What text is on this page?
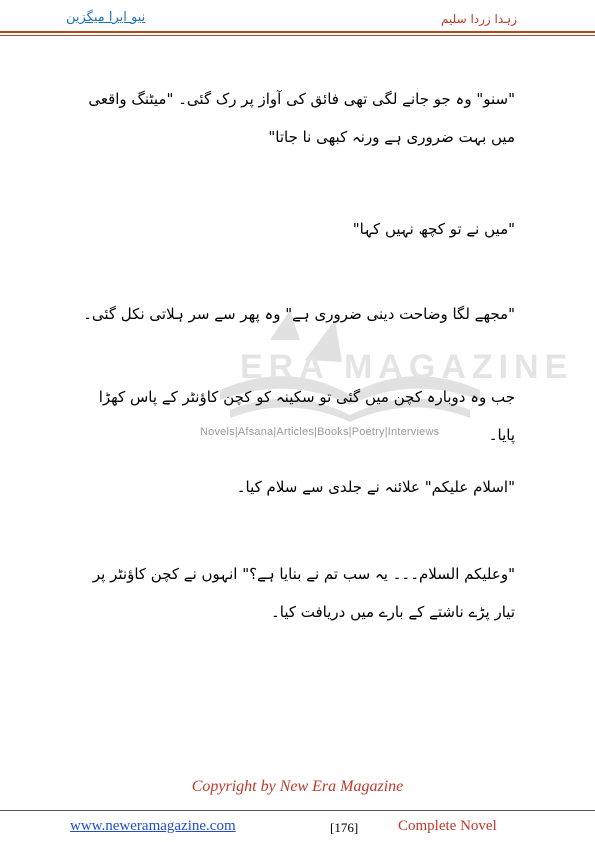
نیو ایرا میگزین	زہدا زردا سلیم
ERA MAGAZINE
Novels|Afsana|Articles|Books|Poetry|Interviews
"سنو" وہ جو جانے لگی تھی فائق کی آواز پر رک گئی۔ "میٹنگ واقعی میں بہت ضروری ہے ورنہ کبھی نا جاتا"
"میں نے تو کچھ نہیں کہا"
"مجھے لگا وضاحت دینی ضروری ہے" وہ پھر سے سر ہلاتی نکل گئی۔
جب وہ دوبارہ کچن میں گئی تو سکینہ کو کچن کاؤنٹر کے پاس کھڑا پایا۔
"اسلام علیکم" علائنہ نے جلدی سے سلام کیا۔
"وعلیکم السلام۔۔۔ یہ سب تم نے بنایا ہے؟" انہوں نے کچن کاؤنٹر پر تیار پڑے ناشتے کے بارے میں دریافت کیا۔
Copyright by New Era Magazine
www.neweramagazine.com	[176]	Complete Novel
